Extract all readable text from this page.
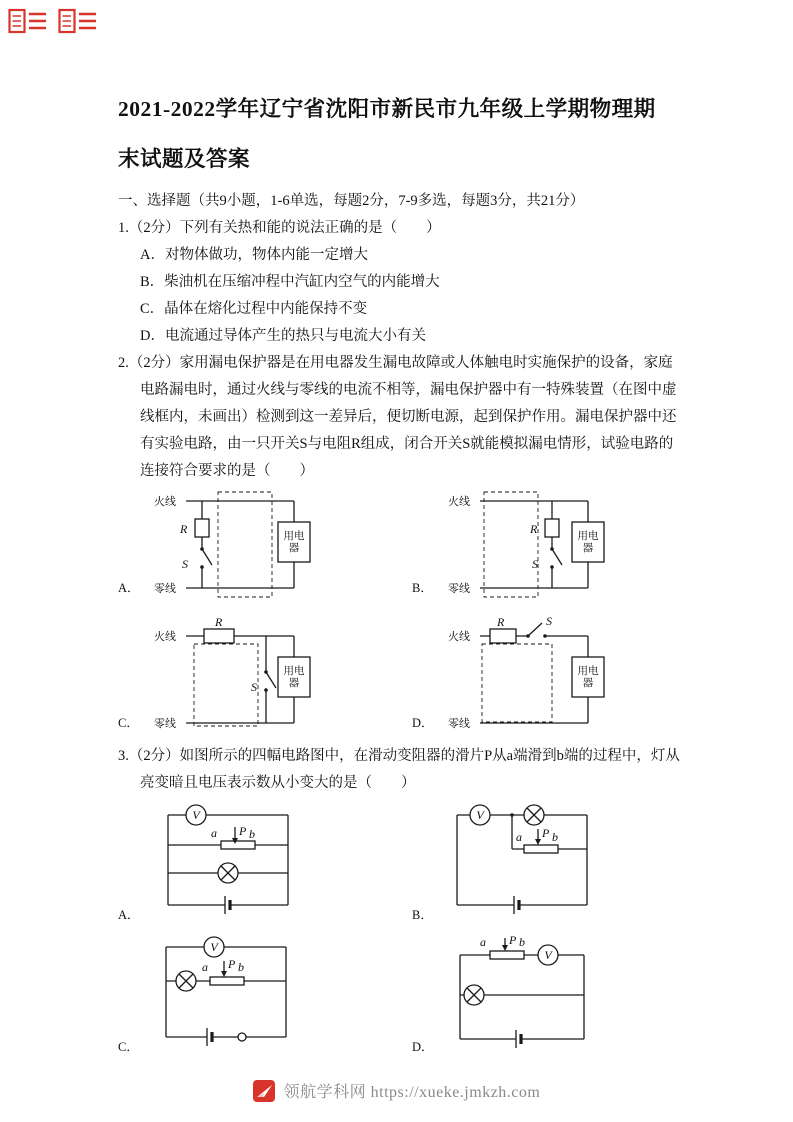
2021-2022学年辽宁省沈阳市新民市九年级上学期物理期末试题及答案
一、选择题（共9小题，1-6单选，每题2分，7-9多选，每题3分，共21分）
1.（2分）下列有关热和能的说法正确的是（　　）
A．对物体做功，物体内能一定增大
B．柴油机在压缩冲程中汽缸内空气的内能增大
C．晶体在熔化过程中内能保持不变
D．电流通过导体产生的热只与电流大小有关
2.（2分）家用漏电保护器是在用电器发生漏电故障或人体触电时实施保护的设备，家庭电路漏电时，通过火线与零线的电流不相等，漏电保护器中有一特殊装置（在图中虚线框内，未画出）检测到这一差异后，便切断电源，起到保护作用。漏电保护器中还有实验电路，由一只开关S与电阻R组成，闭合开关S就能模拟漏电情形，试验电路的连接符合要求的是（　　）
用电器
火线
零线
R
S
A．
用电器
火线
零线
R
S
B．
用电器
火线
零线
R
S
C．
用电器
火线
零线
R	S
D．
3.（2分）如图所示的四幅电路图中，在滑动变阻器的滑片P从a端滑到b端的过程中，灯从亮变暗且电压表示数从小变大的是（　　）
V
a P b
A．
V
a P b
B．
V
a P b
C．
a P b
V
D．
领航学科网 https://xueke.jmkzh.com
